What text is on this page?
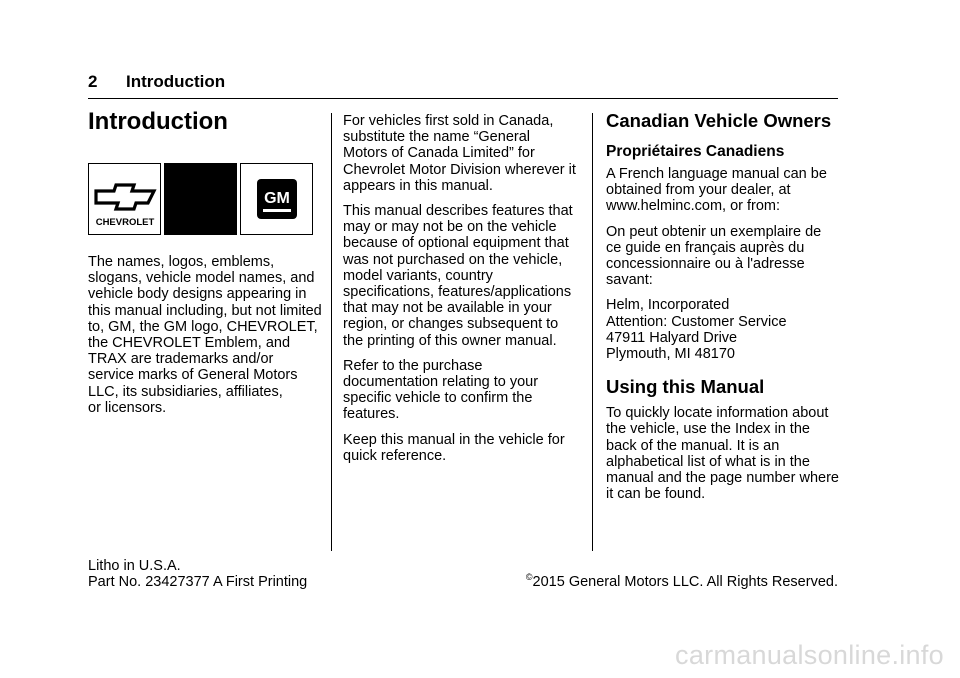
2 Introduction
Introduction
CHEVROLET
GM

The names, logos, emblems,
slogans, vehicle model names, and
vehicle body designs appearing in
this manual including, but not limited
to, GM, the GM logo, CHEVROLET,
the CHEVROLET Emblem, and
TRAX are trademarks and/or
service marks of General Motors
LLC, its subsidiaries, affiliates,
or licensors.

For vehicles first sold in Canada,
substitute the name “General
Motors of Canada Limited” for
Chevrolet Motor Division wherever it
appears in this manual.

This manual describes features that
may or may not be on the vehicle
because of optional equipment that
was not purchased on the vehicle,
model variants, country
specifications, features/applications
that may not be available in your
region, or changes subsequent to
the printing of this owner manual.

Refer to the purchase
documentation relating to your
specific vehicle to confirm the
features.

Keep this manual in the vehicle for
quick reference.

Canadian Vehicle Owners
Propriétaires Canadiens

A French language manual can be
obtained from your dealer, at
www.helminc.com, or from:

On peut obtenir un exemplaire de
ce guide en français auprès du
concessionnaire ou à l'adresse
savant:

Helm, Incorporated
Attention: Customer Service
47911 Halyard Drive
Plymouth, MI 48170

Using this Manual

To quickly locate information about
the vehicle, use the Index in the
back of the manual. It is an
alphabetical list of what is in the
manual and the page number where
it can be found.

Litho in U.S.A.

Part No. 23427377 A First Printing	©2015 General Motors LLC. All Rights Reserved.

carmanualsonline.info
